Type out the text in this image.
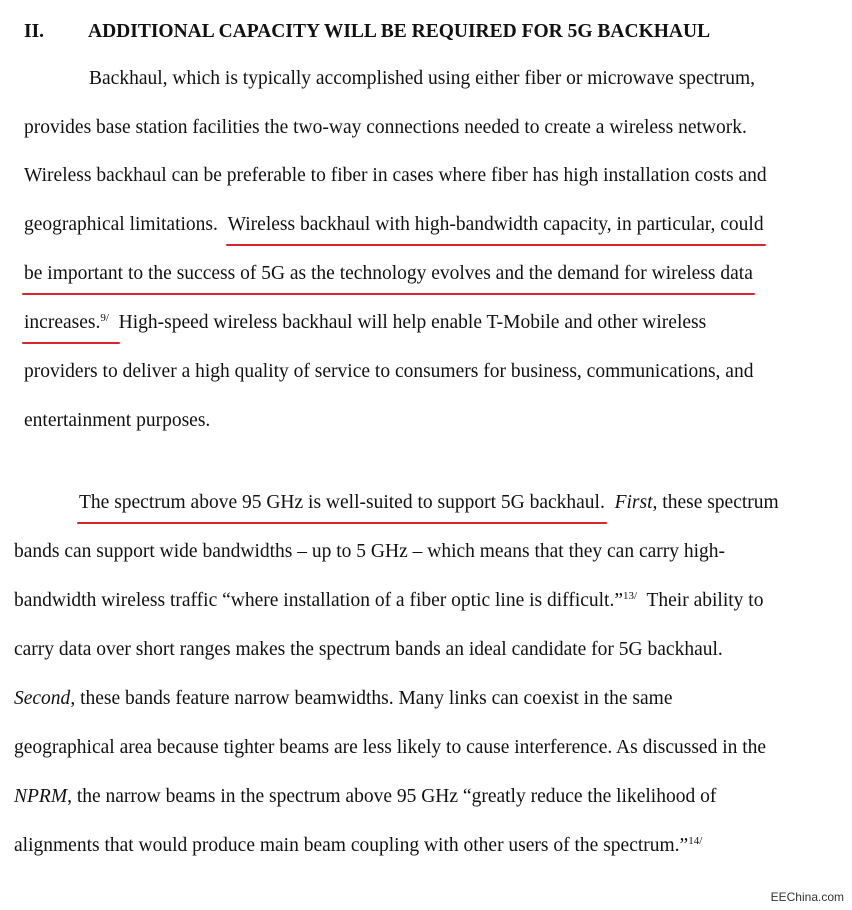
II. ADDITIONAL CAPACITY WILL BE REQUIRED FOR 5G BACKHAUL
Backhaul, which is typically accomplished using either fiber or microwave spectrum,
provides base station facilities the two-way connections needed to create a wireless network.
Wireless backhaul can be preferable to fiber in cases where fiber has high installation costs and
geographical limitations. Wireless backhaul with high-bandwidth capacity, in particular, could
be important to the success of 5G as the technology evolves and the demand for wireless data
increases.$^{9/}$ High-speed wireless backhaul will help enable T-Mobile and other wireless
providers to deliver a high quality of service to consumers for business, communications, and
entertainment purposes.
The spectrum above 95 GHz is well-suited to support 5G backhaul. First, these spectrum
bands can support wide bandwidths – up to 5 GHz – which means that they can carry high-
bandwidth wireless traffic “where installation of a fiber optic line is difficult.”$^{13/}$ Their ability to
carry data over short ranges makes the spectrum bands an ideal candidate for 5G backhaul.
Second, these bands feature narrow beamwidths. Many links can coexist in the same
geographical area because tighter beams are less likely to cause interference. As discussed in the
NPRM, the narrow beams in the spectrum above 95 GHz “greatly reduce the likelihood of
alignments that would produce main beam coupling with other users of the spectrum.”$^{14/}$
EEChina.com
